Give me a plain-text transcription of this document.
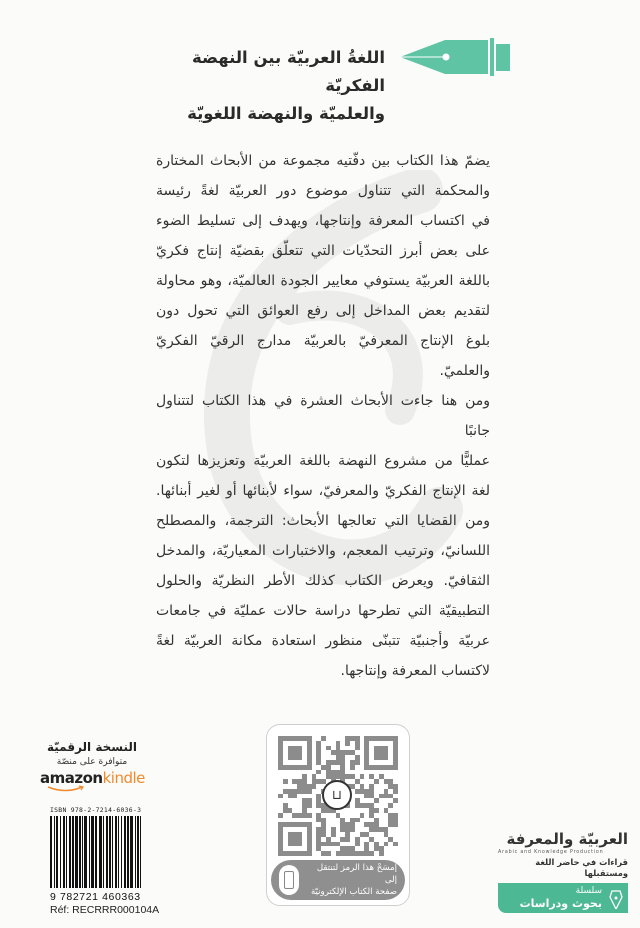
اللغةُ العربيّة بين النهضة الفكريّة
والعلميّة والنهضة اللغويّة
يضمّ هذا الكتاب بين دفّتيه مجموعة من الأبحاث المختارة
والمحكمة التي تتناول موضوع دور العربيّة لغةً رئيسة
في اكتساب المعرفة وإنتاجها، ويهدف إلى تسليط الضوء
على بعض أبرز التحدّيات التي تتعلّق بقضيّة إنتاج فكريّ
باللغة العربيّة يستوفي معايير الجودة العالميّة، وهو محاولة
لتقديم بعض المداخل إلى رفع العوائق التي تحول دون
بلوغ الإنتاج المعرفيّ بالعربيّة مدارج الرقيّ الفكريّ والعلميّ.
ومن هنا جاءت الأبحاث العشرة في هذا الكتاب لتتناول جانبًا
عمليًّا من مشروع النهضة باللغة العربيّة وتعزيزها لتكون
لغة الإنتاج الفكريّ والمعرفيّ، سواء لأبنائها أو لغير أبنائها.
ومن القضايا التي تعالجها الأبحاث: الترجمة، والمصطلح
اللسانيّ، وترتيب المعجم، والاختبارات المعياريّة، والمدخل
الثقافيّ. ويعرض الكتاب كذلك الأطر النظريّة والحلول
التطبيقيّة التي تطرحها دراسة حالات عمليّة في جامعات
عربيّة وأجنبيّة تتبنّى منظور استعادة مكانة العربيّة لغةً
لاكتساب المعرفة وإنتاجها.
النسخة الرقميّة
متوافرة على منصّة
amazonkindle
ISBN 978-2-7214-6036-3
9 782721 460363
Réf: RECRRR000104A
⊔
إمسَحْ هذا الرمز لتنتقل إلى
صفحة الكتاب الإلكترونيّة
العربيّة والمعرفة
Arabic and Knowledge Production
قراءات في حاضر اللغة ومستقبلها
سلسلة
بحوث ودراسات
